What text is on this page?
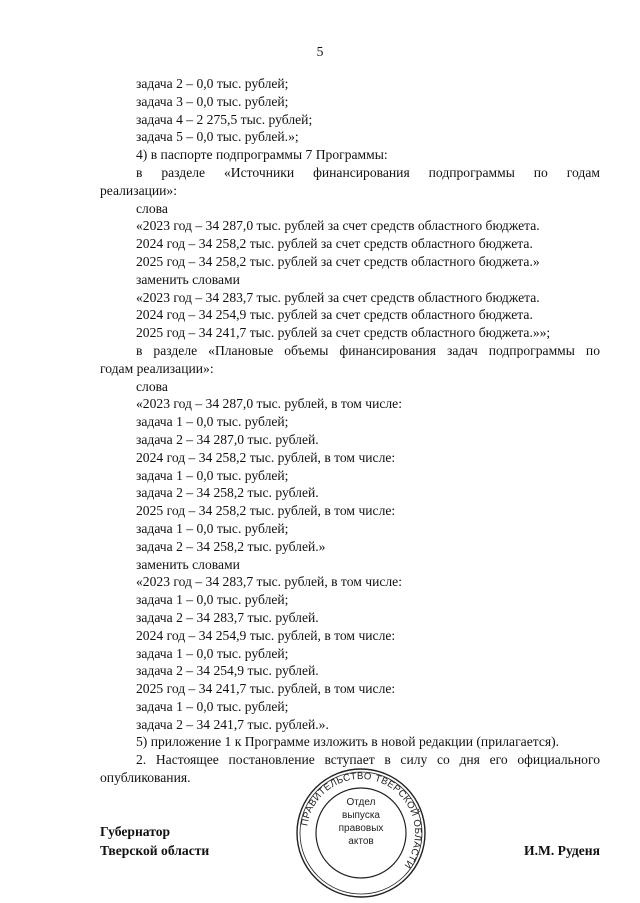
5
задача 2 – 0,0 тыс. рублей;
задача 3 – 0,0 тыс. рублей;
задача 4 – 2 275,5 тыс. рублей;
задача 5 – 0,0 тыс. рублей.»;
4) в паспорте подпрограммы 7 Программы:
в разделе «Источники финансирования подпрограммы по годам
реализации»:
слова
«2023 год – 34 287,0 тыс. рублей за счет средств областного бюджета.
2024 год – 34 258,2 тыс. рублей за счет средств областного бюджета.
2025 год – 34 258,2 тыс. рублей за счет средств областного бюджета.»
заменить словами
«2023 год – 34 283,7 тыс. рублей за счет средств областного бюджета.
2024 год – 34 254,9 тыс. рублей за счет средств областного бюджета.
2025 год – 34 241,7 тыс. рублей за счет средств областного бюджета.»»;
в разделе «Плановые объемы финансирования задач подпрограммы по
годам реализации»:
слова
«2023 год – 34 287,0 тыс. рублей, в том числе:
задача 1 – 0,0 тыс. рублей;
задача 2 – 34 287,0 тыс. рублей.
2024 год – 34 258,2 тыс. рублей, в том числе:
задача 1 – 0,0 тыс. рублей;
задача 2 – 34 258,2 тыс. рублей.
2025 год – 34 258,2 тыс. рублей, в том числе:
задача 1 – 0,0 тыс. рублей;
задача 2 – 34 258,2 тыс. рублей.»
заменить словами
«2023 год – 34 283,7 тыс. рублей, в том числе:
задача 1 – 0,0 тыс. рублей;
задача 2 – 34 283,7 тыс. рублей.
2024 год – 34 254,9 тыс. рублей, в том числе:
задача 1 – 0,0 тыс. рублей;
задача 2 – 34 254,9 тыс. рублей.
2025 год – 34 241,7 тыс. рублей, в том числе:
задача 1 – 0,0 тыс. рублей;
задача 2 – 34 241,7 тыс. рублей.».
5) приложение 1 к Программе изложить в новой редакции (прилагается).
2. Настоящее постановление вступает в силу со дня его официального
опубликования.
Губернатор
Тверской области
ПРАВИТЕЛЬСТВО ТВЕРСКОЙ ОБЛАСТИ
Отдел
выпуска
правовых
актов
И.М. Руденя
